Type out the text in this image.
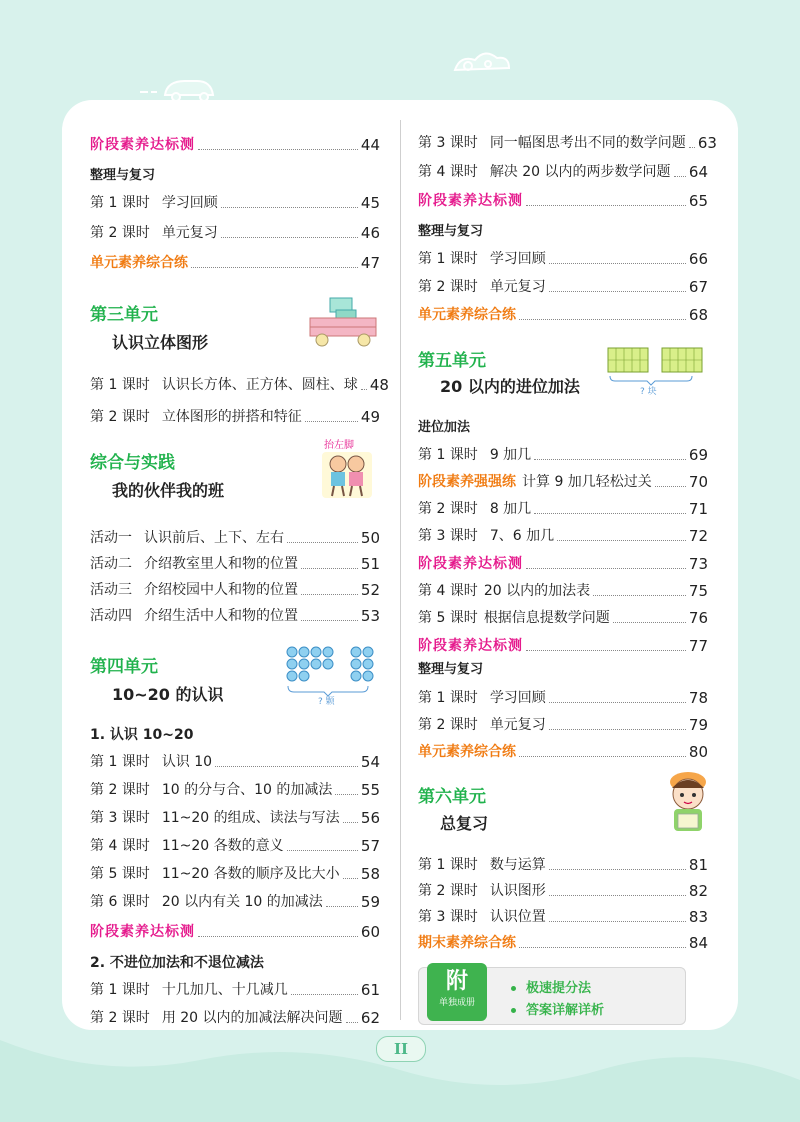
阶段素养达标测	44
整理与复习
第 1 课时 学习回顾	45
第 2 课时 单元复习	46
单元素养综合练	47
第三单元
认识立体图形
第 1 课时 认识长方体、正方体、圆柱、球 48
第 2 课时 立体图形的拼搭和特征	49
综合与实践
我的伙伴我的班
抬左脚
活动一 认识前后、上下、左右	50
活动二 介绍教室里人和物的位置	51
活动三 介绍校园中人和物的位置	52
活动四 介绍生活中人和物的位置	53
第四单元
10~20 的认识	? 颗
1. 认识 10~20
第 1 课时 认识 10	54
第 2 课时 10 的分与合、10 的加减法 55
第 3 课时 11~20 的组成、读法与写法 56
第 4 课时 11~20 各数的意义	57
第 5 课时 11~20 各数的顺序及比大小 58
第 6 课时 20 以内有关 10 的加减法	59
阶段素养达标测	60
2. 不进位加法和不退位减法
第 1 课时 十几加几、十几减几	61
第 2 课时 用 20 以内的加减法解决问题 62
第 3 课时 同一幅图思考出不同的数学问题 63
第 4 课时 解决 20 以内的两步数学问题 64
阶段素养达标测	65
整理与复习
第 1 课时 学习回顾	66
第 2 课时 单元复习	67
单元素养综合练	68
第五单元
20 以内的进位加法	? 块
进位加法
第 1 课时 9 加几	69
阶段素养强强练 计算 9 加几轻松过关 70
第 2 课时 8 加几	71
第 3 课时 7、6 加几	72
阶段素养达标测	73
第 4 课时 20 以内的加法表	75
第 5 课时 根据信息提数学问题	76
阶段素养达标测	77
整理与复习
第 1 课时 学习回顾	78
第 2 课时 单元复习	79
单元素养综合练	80
第六单元
总复习
第 1 课时 数与运算	81
第 2 课时 认识图形	82
第 3 课时 认识位置	83
期末素养综合练	84
附
单独成册
极速提分法
答案详解详析
II
